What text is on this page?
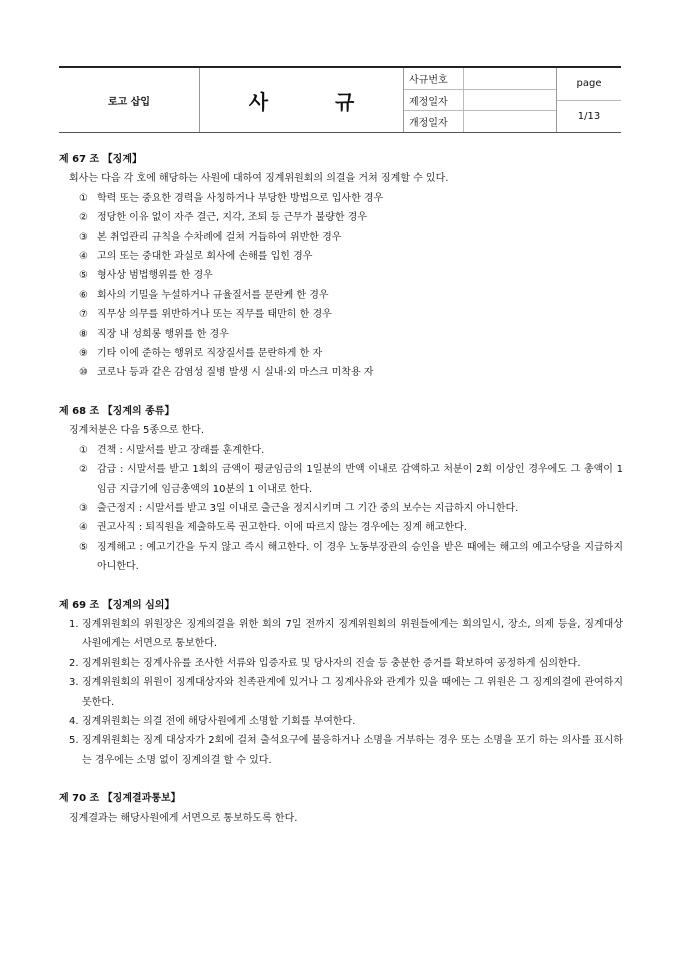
로고 삽입	사 규
사규번호
제정일자
개정일자
page
1/13

제 67 조 【징계】

회사는 다음 각 호에 해당하는 사원에 대하여 징계위원회의 의결을 거쳐 징계할 수 있다.

① 학력 또는 중요한 경력을 사칭하거나 부당한 방법으로 입사한 경우

② 정당한 이유 없이 자주 결근, 지각, 조퇴 등 근무가 불량한 경우

③ 본 취업관리 규칙을 수차례에 걸쳐 거듭하여 위반한 경우

④ 고의 또는 중대한 과실로 회사에 손해를 입힌 경우

⑤ 형사상 범법행위를 한 경우

⑥ 회사의 기밀을 누설하거나 규율질서를 문란케 한 경우

⑦ 직무상 의무를 위반하거나 또는 직무를 태만히 한 경우

⑧ 직장 내 성희롱 행위를 한 경우

⑨ 기타 이에 준하는 행위로 직장질서를 문란하게 한 자

⑩ 코로나 등과 같은 감염성 질병 발생 시 실내·외 마스크 미착용 자

제 68 조 【징계의 종류】

징계처분은 다음 5종으로 한다.

① 견책 : 시말서를 받고 장래를 훈계한다.

② 감급 : 시말서를 받고 1회의 금액이 평균임금의 1일분의 반액 이내로 감액하고 처분이 2회 이상인 경우에도 그 총액이 1임금 지급기에 임금총액의 10분의 1 이내로 한다.

③ 출근정지 : 시말서를 받고 3일 이내로 출근을 정지시키며 그 기간 중의 보수는 지급하지 아니한다.

④ 권고사직 : 퇴직원을 제출하도록 권고한다. 이에 따르지 않는 경우에는 징계 해고한다.

⑤ 징계해고 : 예고기간을 두지 않고 즉시 해고한다. 이 경우 노동부장관의 승인을 받은 때에는 해고의 예고수당을 지급하지 아니한다.

제 69 조 【징계의 심의】

1. 징계위원회의 위원장은 징계의결을 위한 회의 7일 전까지 징계위원회의 위원들에게는 회의일시, 장소, 의제 등을, 징계대상 사원에게는 서면으로 통보한다.

2. 징계위원회는 징계사유를 조사한 서류와 입증자료 및 당사자의 진술 등 충분한 증거를 확보하여 공정하게 심의한다.

3. 징계위원회의 위원이 징계대상자와 친족관계에 있거나 그 징계사유와 관계가 있을 때에는 그 위원은 그 징계의결에 관여하지 못한다.

4. 징계위원회는 의결 전에 해당사원에게 소명할 기회를 부여한다.

5. 징계위원회는 징계 대상자가 2회에 걸쳐 출석요구에 불응하거나 소명을 거부하는 경우 또는 소명을 포기 하는 의사를 표시하는 경우에는 소명 없이 징계의결 할 수 있다.

제 70 조 【징계결과통보】

징계결과는 해당사원에게 서면으로 통보하도록 한다.
